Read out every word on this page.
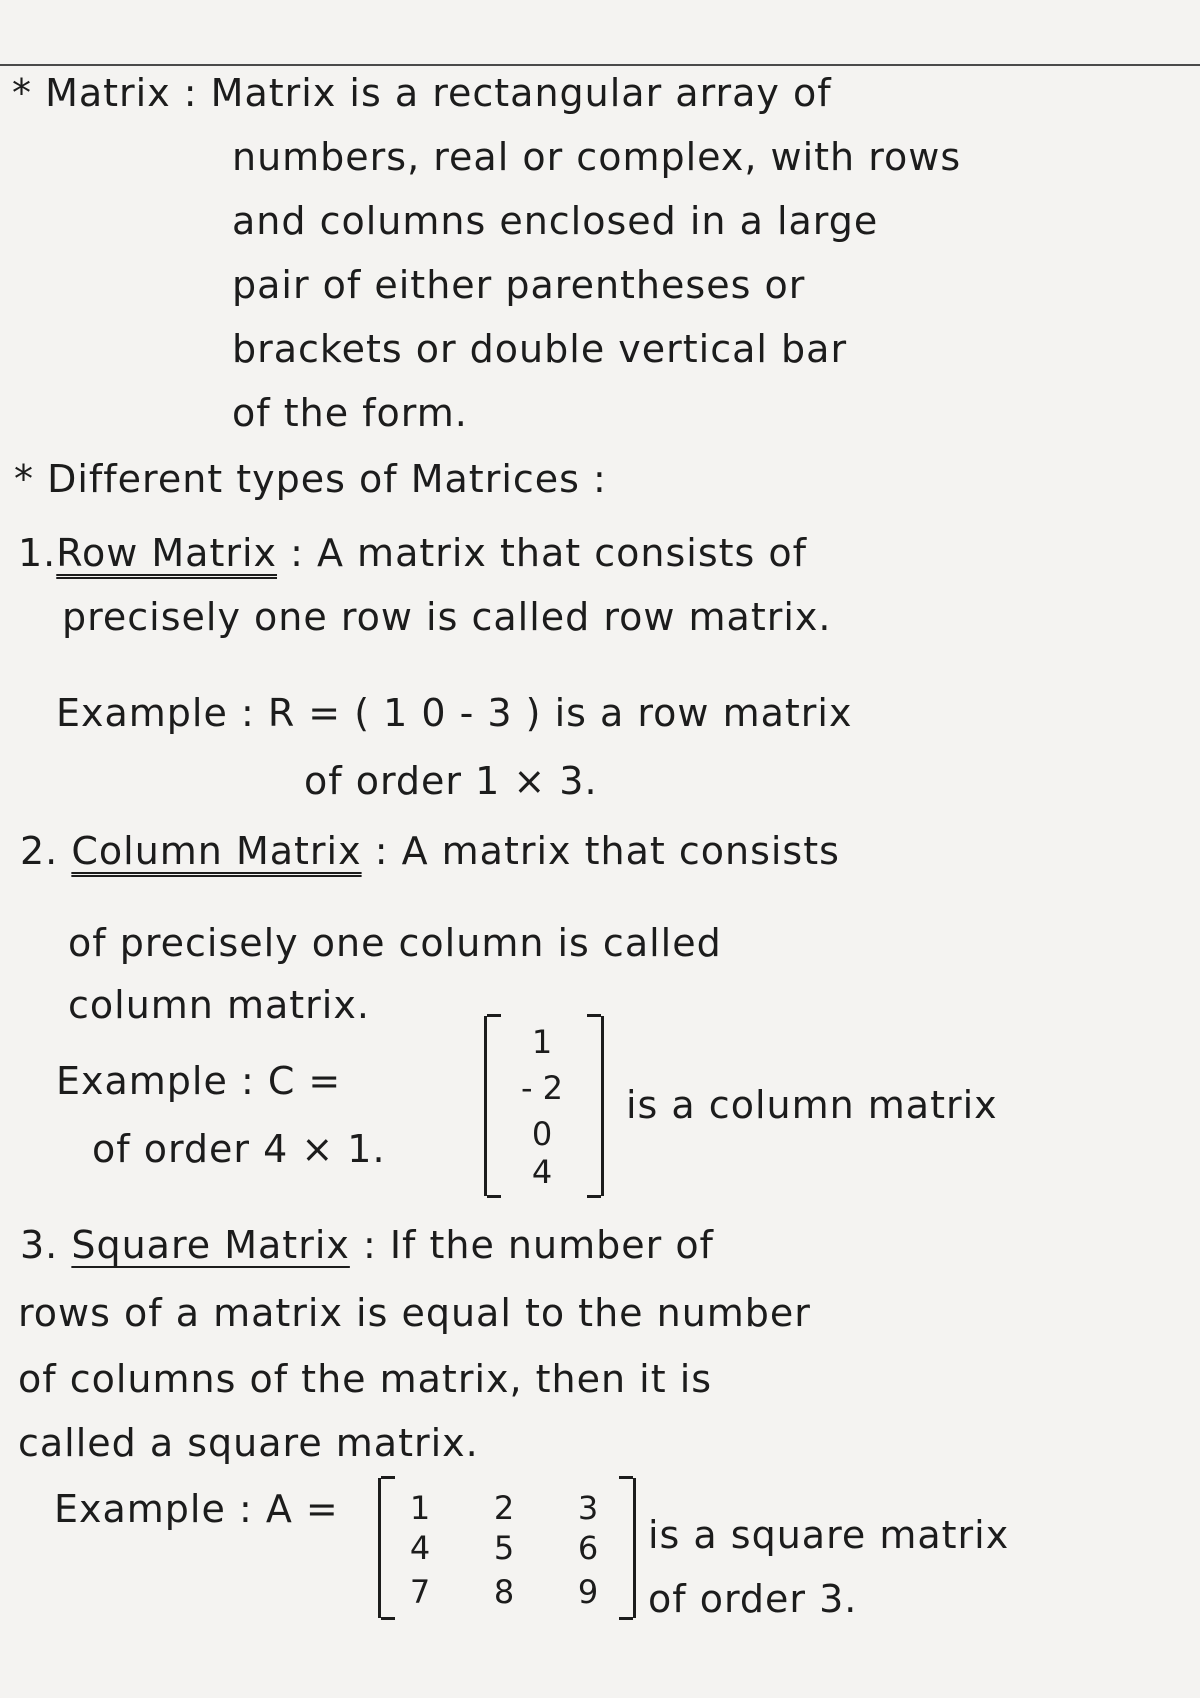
* Matrix : Matrix is a rectangular array of
numbers, real or complex, with rows
and columns enclosed in a large
pair of either parentheses or
brackets or double vertical bar
of the form.
* Different types of Matrices :
1.Row Matrix : A matrix that consists of
precisely one row is called row matrix.
Example : R = ( 1 0 - 3 ) is a row matrix
of order 1 × 3.
2. Column Matrix : A matrix that consists
of precisely one column is called
column matrix.
Example : C =
of order 4 × 1.
1
- 2
0
4
is a column matrix
3. Square Matrix : If the number of
rows of a matrix is equal to the number
of columns of the matrix, then it is
called a square matrix.
Example : A =	1	2	3
4	5	6
7	8	9
is a square matrix
of order 3.
